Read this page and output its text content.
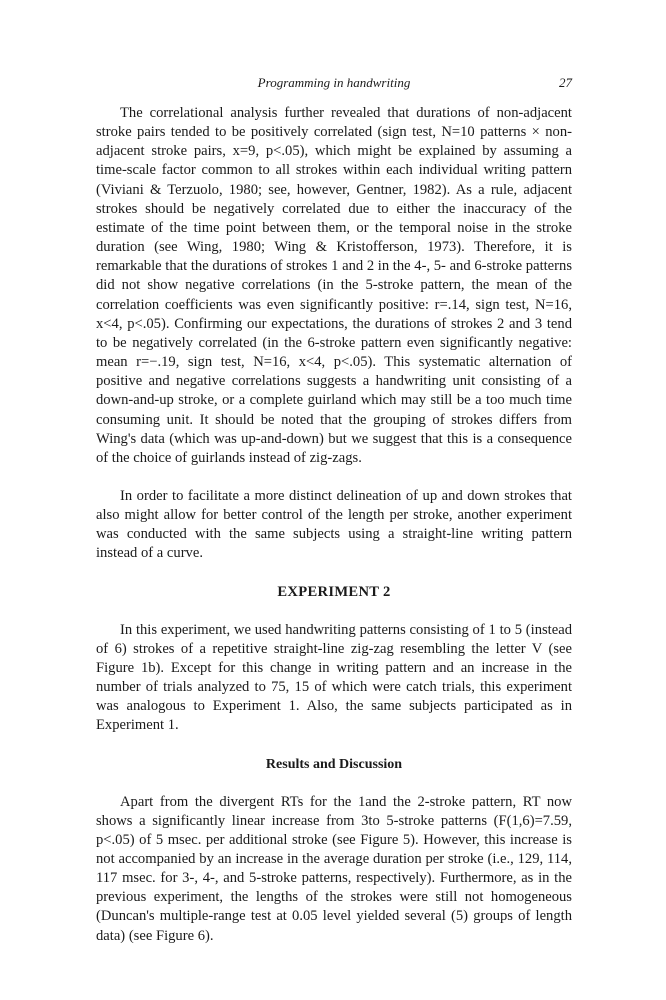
Programming in handwriting	27

The correlational analysis further revealed that durations of non-adjacent stroke pairs tended to be positively correlated (sign test, N=10 patterns × non-adjacent stroke pairs, x=9, p<.05), which might be explained by assuming a time-scale factor common to all strokes within each individual writing pattern (Viviani & Terzuolo, 1980; see, however, Gentner, 1982). As a rule, adjacent strokes should be negatively correlated due to either the inaccuracy of the estimate of the time point between them, or the temporal noise in the stroke duration (see Wing, 1980; Wing & Kristofferson, 1973). Therefore, it is remarkable that the durations of strokes 1 and 2 in the 4-, 5- and 6-stroke patterns did not show negative correlations (in the 5-stroke pattern, the mean of the correlation coefficients was even significantly positive: r=.14, sign test, N=16, x<4, p<.05). Confirming our expectations, the durations of strokes 2 and 3 tend to be negatively correlated (in the 6-stroke pattern even significantly negative: mean r=−.19, sign test, N=16, x<4, p<.05). This systematic alternation of positive and negative correlations suggests a handwriting unit consisting of a down-and-up stroke, or a complete guirland which may still be a too much time consuming unit. It should be noted that the grouping of strokes differs from Wing's data (which was up-and-down) but we suggest that this is a consequence of the choice of guirlands instead of zig-zags.

In order to facilitate a more distinct delineation of up and down strokes that also might allow for better control of the length per stroke, another experiment was conducted with the same subjects using a straight-line writing pattern instead of a curve.

EXPERIMENT 2

In this experiment, we used handwriting patterns consisting of 1 to 5 (instead of 6) strokes of a repetitive straight-line zig-zag resembling the letter V (see Figure 1b). Except for this change in writing pattern and an increase in the number of trials analyzed to 75, 15 of which were catch trials, this experiment was analogous to Experiment 1. Also, the same subjects participated as in Experiment 1.

Results and Discussion

Apart from the divergent RTs for the 1and the 2-stroke pattern, RT now shows a significantly linear increase from 3to 5-stroke patterns (F(1,6)=7.59, p<.05) of 5 msec. per additional stroke (see Figure 5). However, this increase is not accompanied by an increase in the average duration per stroke (i.e., 129, 114, 117 msec. for 3-, 4-, and 5-stroke patterns, respectively). Furthermore, as in the previous experiment, the lengths of the strokes were still not homogeneous (Duncan's multiple-range test at 0.05 level yielded several (5) groups of length data) (see Figure 6).
